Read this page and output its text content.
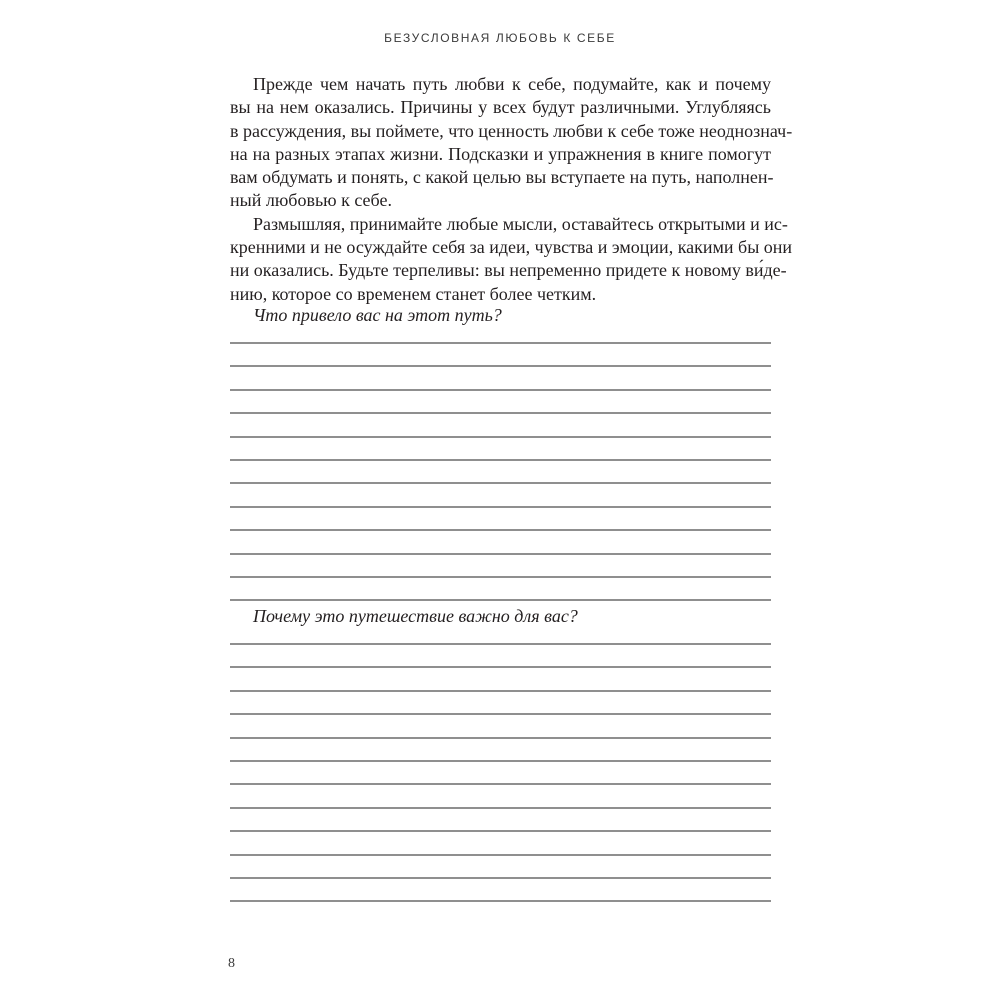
БЕЗУСЛОВНАЯ ЛЮБОВЬ К СЕБЕ
Прежде чем начать путь любви к себе, подумайте, как и почему
вы на нем оказались. Причины у всех будут различными. Углубляясь
в рассуждения, вы поймете, что ценность любви к себе тоже неоднознач-
на на разных этапах жизни. Подсказки и упражнения в книге помогут
вам обдумать и понять, с какой целью вы вступаете на путь, наполнен-
ный любовью к себе.
Размышляя, принимайте любые мысли, оставайтесь открытыми и ис-
кренними и не осуждайте себя за идеи, чувства и эмоции, какими бы они
ни оказались. Будьте терпеливы: вы непременно придете к новому ви́де-
нию, которое со временем станет более четким.
Что привело вас на этот путь?
Почему это путешествие важно для вас?
8
